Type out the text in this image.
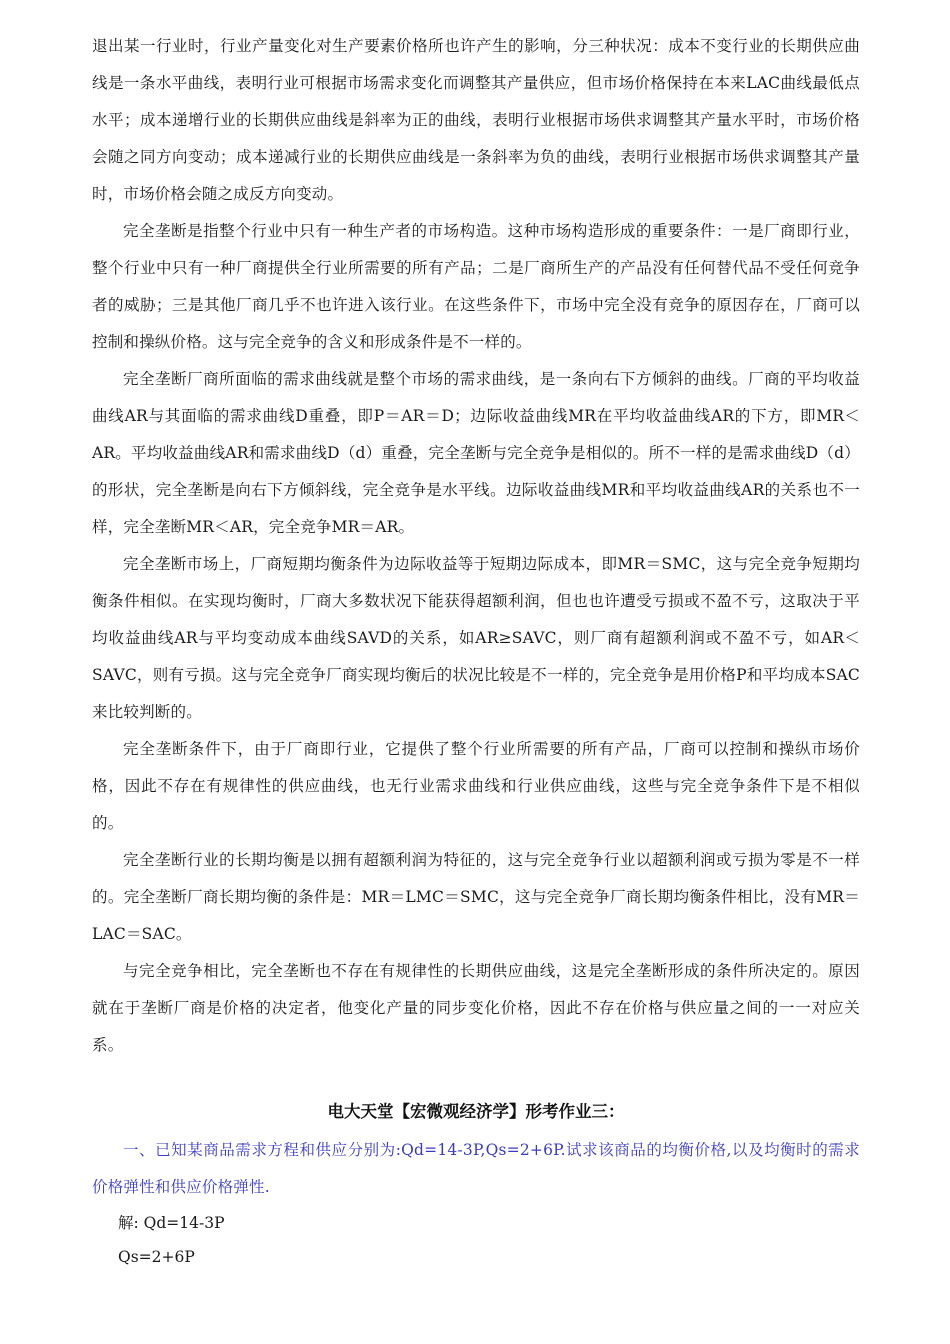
退出某一行业时，行业产量变化对生产要素价格所也许产生的影响，分三种状况：成本不变行业的长期供应曲线是一条水平曲线，表明行业可根据市场需求变化而调整其产量供应，但市场价格保持在本来LAC曲线最低点水平；成本递增行业的长期供应曲线是斜率为正的曲线，表明行业根据市场供求调整其产量水平时，市场价格会随之同方向变动；成本递减行业的长期供应曲线是一条斜率为负的曲线，表明行业根据市场供求调整其产量时，市场价格会随之成反方向变动。

完全垄断是指整个行业中只有一种生产者的市场构造。这种市场构造形成的重要条件：一是厂商即行业，整个行业中只有一种厂商提供全行业所需要的所有产品；二是厂商所生产的产品没有任何替代品不受任何竞争者的威胁；三是其他厂商几乎不也许进入该行业。在这些条件下，市场中完全没有竞争的原因存在，厂商可以控制和操纵价格。这与完全竞争的含义和形成条件是不一样的。

完全垄断厂商所面临的需求曲线就是整个市场的需求曲线，是一条向右下方倾斜的曲线。厂商的平均收益曲线AR与其面临的需求曲线D重叠，即P＝AR＝D；边际收益曲线MR在平均收益曲线AR的下方，即MR＜AR。平均收益曲线AR和需求曲线D（d）重叠，完全垄断与完全竞争是相似的。所不一样的是需求曲线D（d）的形状，完全垄断是向右下方倾斜线，完全竞争是水平线。边际收益曲线MR和平均收益曲线AR的关系也不一样，完全垄断MR＜AR，完全竞争MR＝AR。

完全垄断市场上，厂商短期均衡条件为边际收益等于短期边际成本，即MR＝SMC，这与完全竞争短期均衡条件相似。在实现均衡时，厂商大多数状况下能获得超额利润，但也也许遭受亏损或不盈不亏，这取决于平均收益曲线AR与平均变动成本曲线SAVD的关系，如AR≥SAVC，则厂商有超额利润或不盈不亏，如AR＜SAVC，则有亏损。这与完全竞争厂商实现均衡后的状况比较是不一样的，完全竞争是用价格P和平均成本SAC来比较判断的。

完全垄断条件下，由于厂商即行业，它提供了整个行业所需要的所有产品，厂商可以控制和操纵市场价格，因此不存在有规律性的供应曲线，也无行业需求曲线和行业供应曲线，这些与完全竞争条件下是不相似的。

完全垄断行业的长期均衡是以拥有超额利润为特征的，这与完全竞争行业以超额利润或亏损为零是不一样的。完全垄断厂商长期均衡的条件是：MR＝LMC＝SMC，这与完全竞争厂商长期均衡条件相比，没有MR＝LAC＝SAC。

与完全竞争相比，完全垄断也不存在有规律性的长期供应曲线，这是完全垄断形成的条件所决定的。原因就在于垄断厂商是价格的决定者，他变化产量的同步变化价格，因此不存在价格与供应量之间的一一对应关系。

电大天堂【宏微观经济学】形考作业三：

一、已知某商品需求方程和供应分别为:Qd=14-3P,Qs=2+6P.试求该商品的均衡价格,以及均衡时的需求价格弹性和供应价格弹性.

解: Qd=14-3P

Qs=2+6P
